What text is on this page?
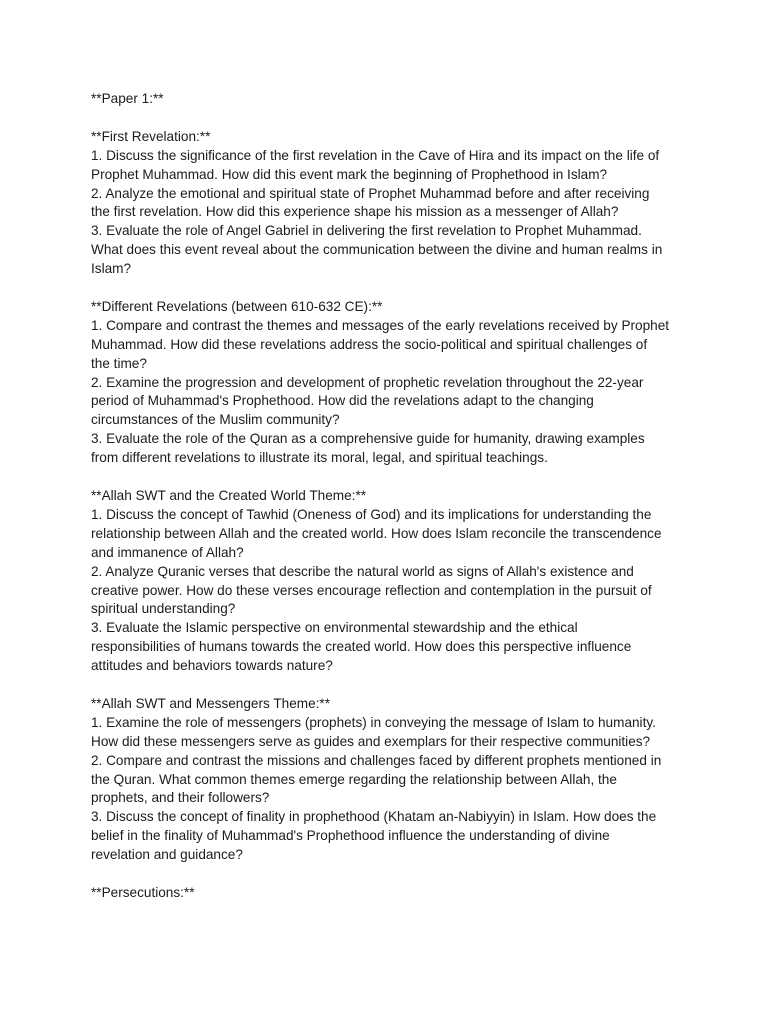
**Paper 1:**

**First Revelation:**

1. Discuss the significance of the first revelation in the Cave of Hira and its impact on the life of

Prophet Muhammad. How did this event mark the beginning of Prophethood in Islam?

2. Analyze the emotional and spiritual state of Prophet Muhammad before and after receiving

the first revelation. How did this experience shape his mission as a messenger of Allah?

3. Evaluate the role of Angel Gabriel in delivering the first revelation to Prophet Muhammad.

What does this event reveal about the communication between the divine and human realms in

Islam?

**Different Revelations (between 610-632 CE):**

1. Compare and contrast the themes and messages of the early revelations received by Prophet

Muhammad. How did these revelations address the socio-political and spiritual challenges of

the time?

2. Examine the progression and development of prophetic revelation throughout the 22-year

period of Muhammad's Prophethood. How did the revelations adapt to the changing

circumstances of the Muslim community?

3. Evaluate the role of the Quran as a comprehensive guide for humanity, drawing examples

from different revelations to illustrate its moral, legal, and spiritual teachings.

**Allah SWT and the Created World Theme:**

1. Discuss the concept of Tawhid (Oneness of God) and its implications for understanding the

relationship between Allah and the created world. How does Islam reconcile the transcendence

and immanence of Allah?

2. Analyze Quranic verses that describe the natural world as signs of Allah's existence and

creative power. How do these verses encourage reflection and contemplation in the pursuit of

spiritual understanding?

3. Evaluate the Islamic perspective on environmental stewardship and the ethical

responsibilities of humans towards the created world. How does this perspective influence

attitudes and behaviors towards nature?

**Allah SWT and Messengers Theme:**

1. Examine the role of messengers (prophets) in conveying the message of Islam to humanity.

How did these messengers serve as guides and exemplars for their respective communities?

2. Compare and contrast the missions and challenges faced by different prophets mentioned in

the Quran. What common themes emerge regarding the relationship between Allah, the

prophets, and their followers?

3. Discuss the concept of finality in prophethood (Khatam an-Nabiyyin) in Islam. How does the

belief in the finality of Muhammad's Prophethood influence the understanding of divine

revelation and guidance?

**Persecutions:**
